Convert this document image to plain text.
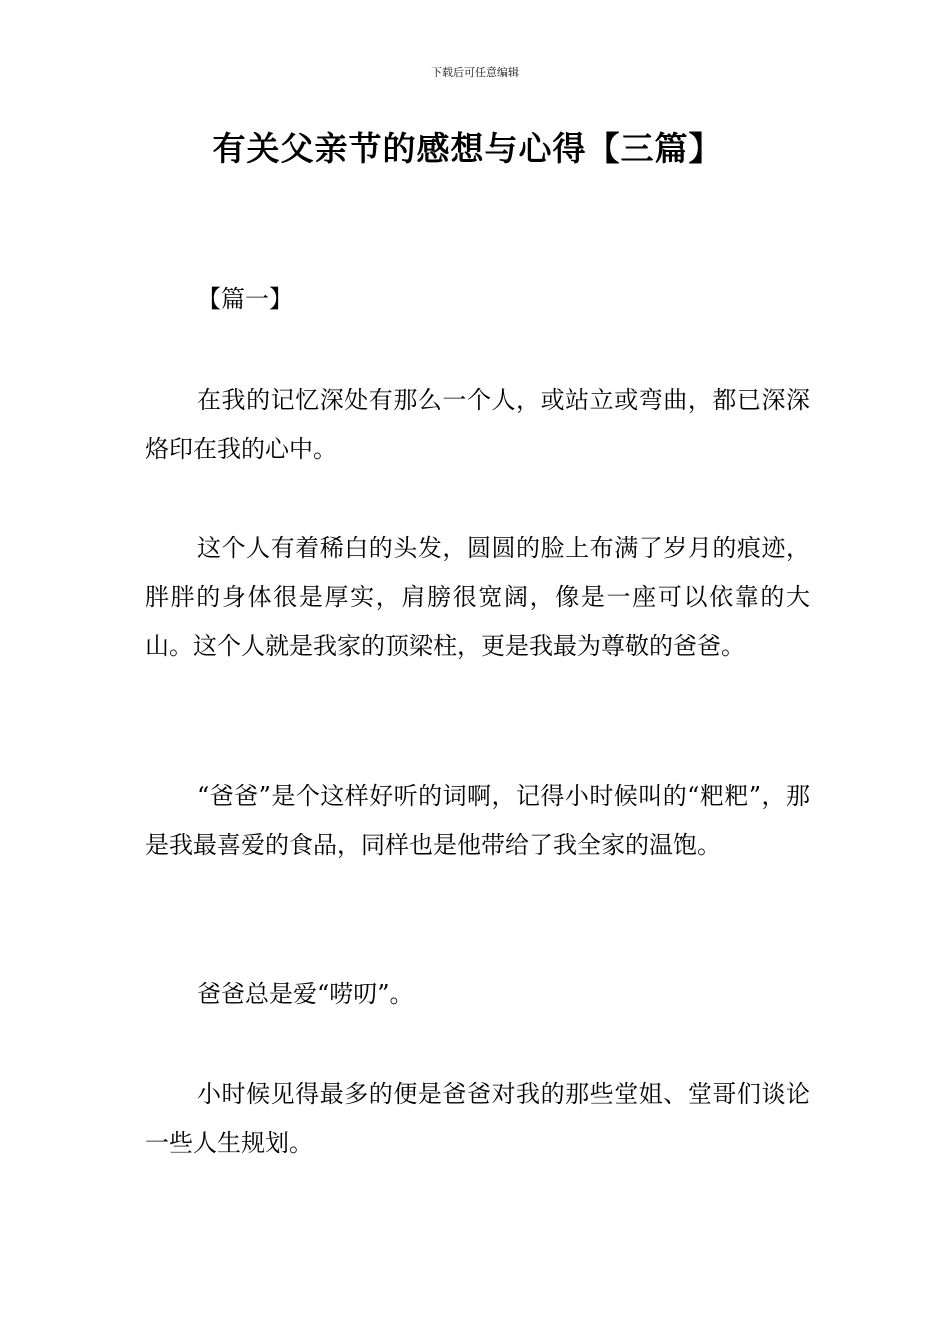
下载后可任意编辑
有关父亲节的感想与心得【三篇】
【篇一】

在我的记忆深处有那么一个人，或站立或弯曲，都已深深烙印在我的心中。

这个人有着稀白的头发，圆圆的脸上布满了岁月的痕迹，胖胖的身体很是厚实，肩膀很宽阔，像是一座可以依靠的大山。这个人就是我家的顶梁柱，更是我最为尊敬的爸爸。

“爸爸”是个这样好听的词啊，记得小时候叫的“粑粑”，那是我最喜爱的食品，同样也是他带给了我全家的温饱。

爸爸总是爱“唠叨”。

小时候见得最多的便是爸爸对我的那些堂姐、堂哥们谈论一些人生规划。
